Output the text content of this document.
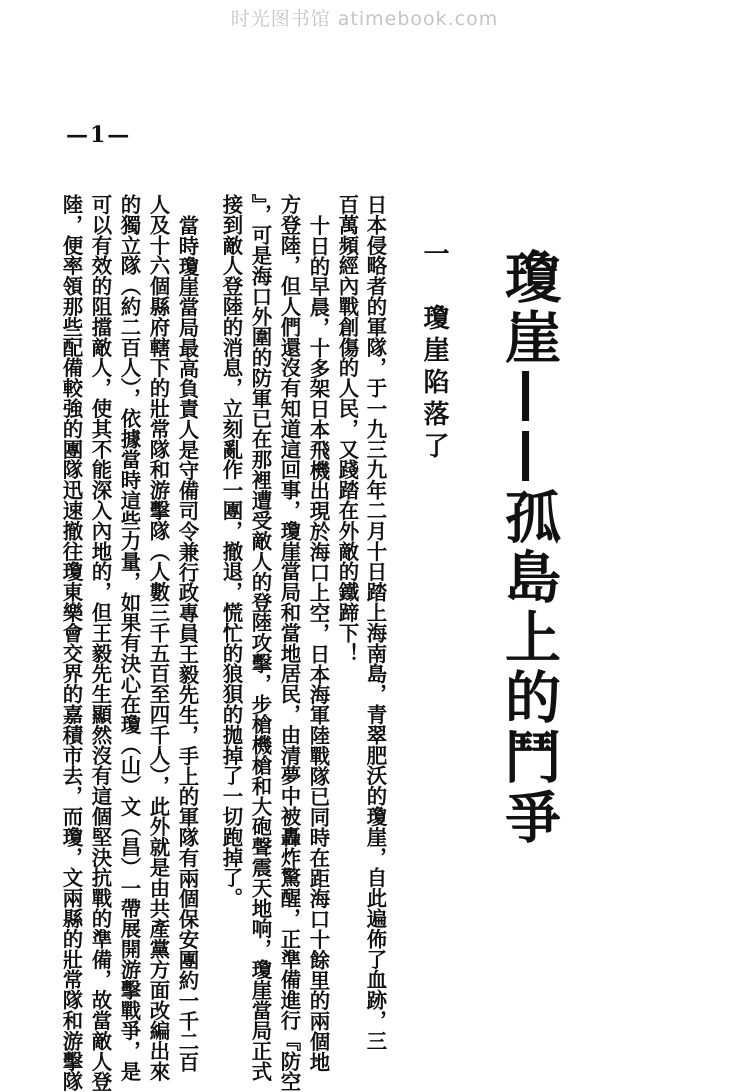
时光图书馆 atimebook.com
—1—
瓊崖——孤島上的鬥爭
一　瓊崖陷落了
日本侵略者的軍隊，于一九三九年二月十日踏上海南島，青翠肥沃的瓊崖，自此遍佈了血跡，三
百萬頻經內戰創傷的人民，又踐踏在外敵的鐵蹄下！
十日的早晨，十多架日本飛機出現於海口上空，日本海軍陸戰隊已同時在距海口十餘里的兩個地
方登陸，但人們還沒有知道這回事，瓊崖當局和當地居民，由清夢中被轟炸驚醒，正準備進行『防空
』，可是海口外圍的防軍已在那裡遭受敵人的登陸攻擊，步槍機槍和大砲聲震天地响，瓊崖當局正式
接到敵人登陸的消息，立刻亂作一團，撤退，慌忙的狼狽的拋掉了一切跑掉了。
當時瓊崖當局最高負責人是守備司令兼行政專員王毅先生，手上的軍隊有兩個保安團約一千二百
人及十六個縣府轄下的壯常隊和游擊隊（人數三千五百至四千人），此外就是由共產黨方面改編出來
的獨立隊（約二百人），依據當時這些力量，如果有決心在瓊（山）文（昌）一帶展開游擊戰爭，是
可以有效的阻擋敵人，使其不能深入內地的，但王毅先生顯然沒有這個堅決抗戰的準備，故當敵人登
陸，便率領那些配備較強的團隊迅速撤往瓊東樂會交界的嘉積市去，而瓊，文兩縣的壯常隊和游擊隊
